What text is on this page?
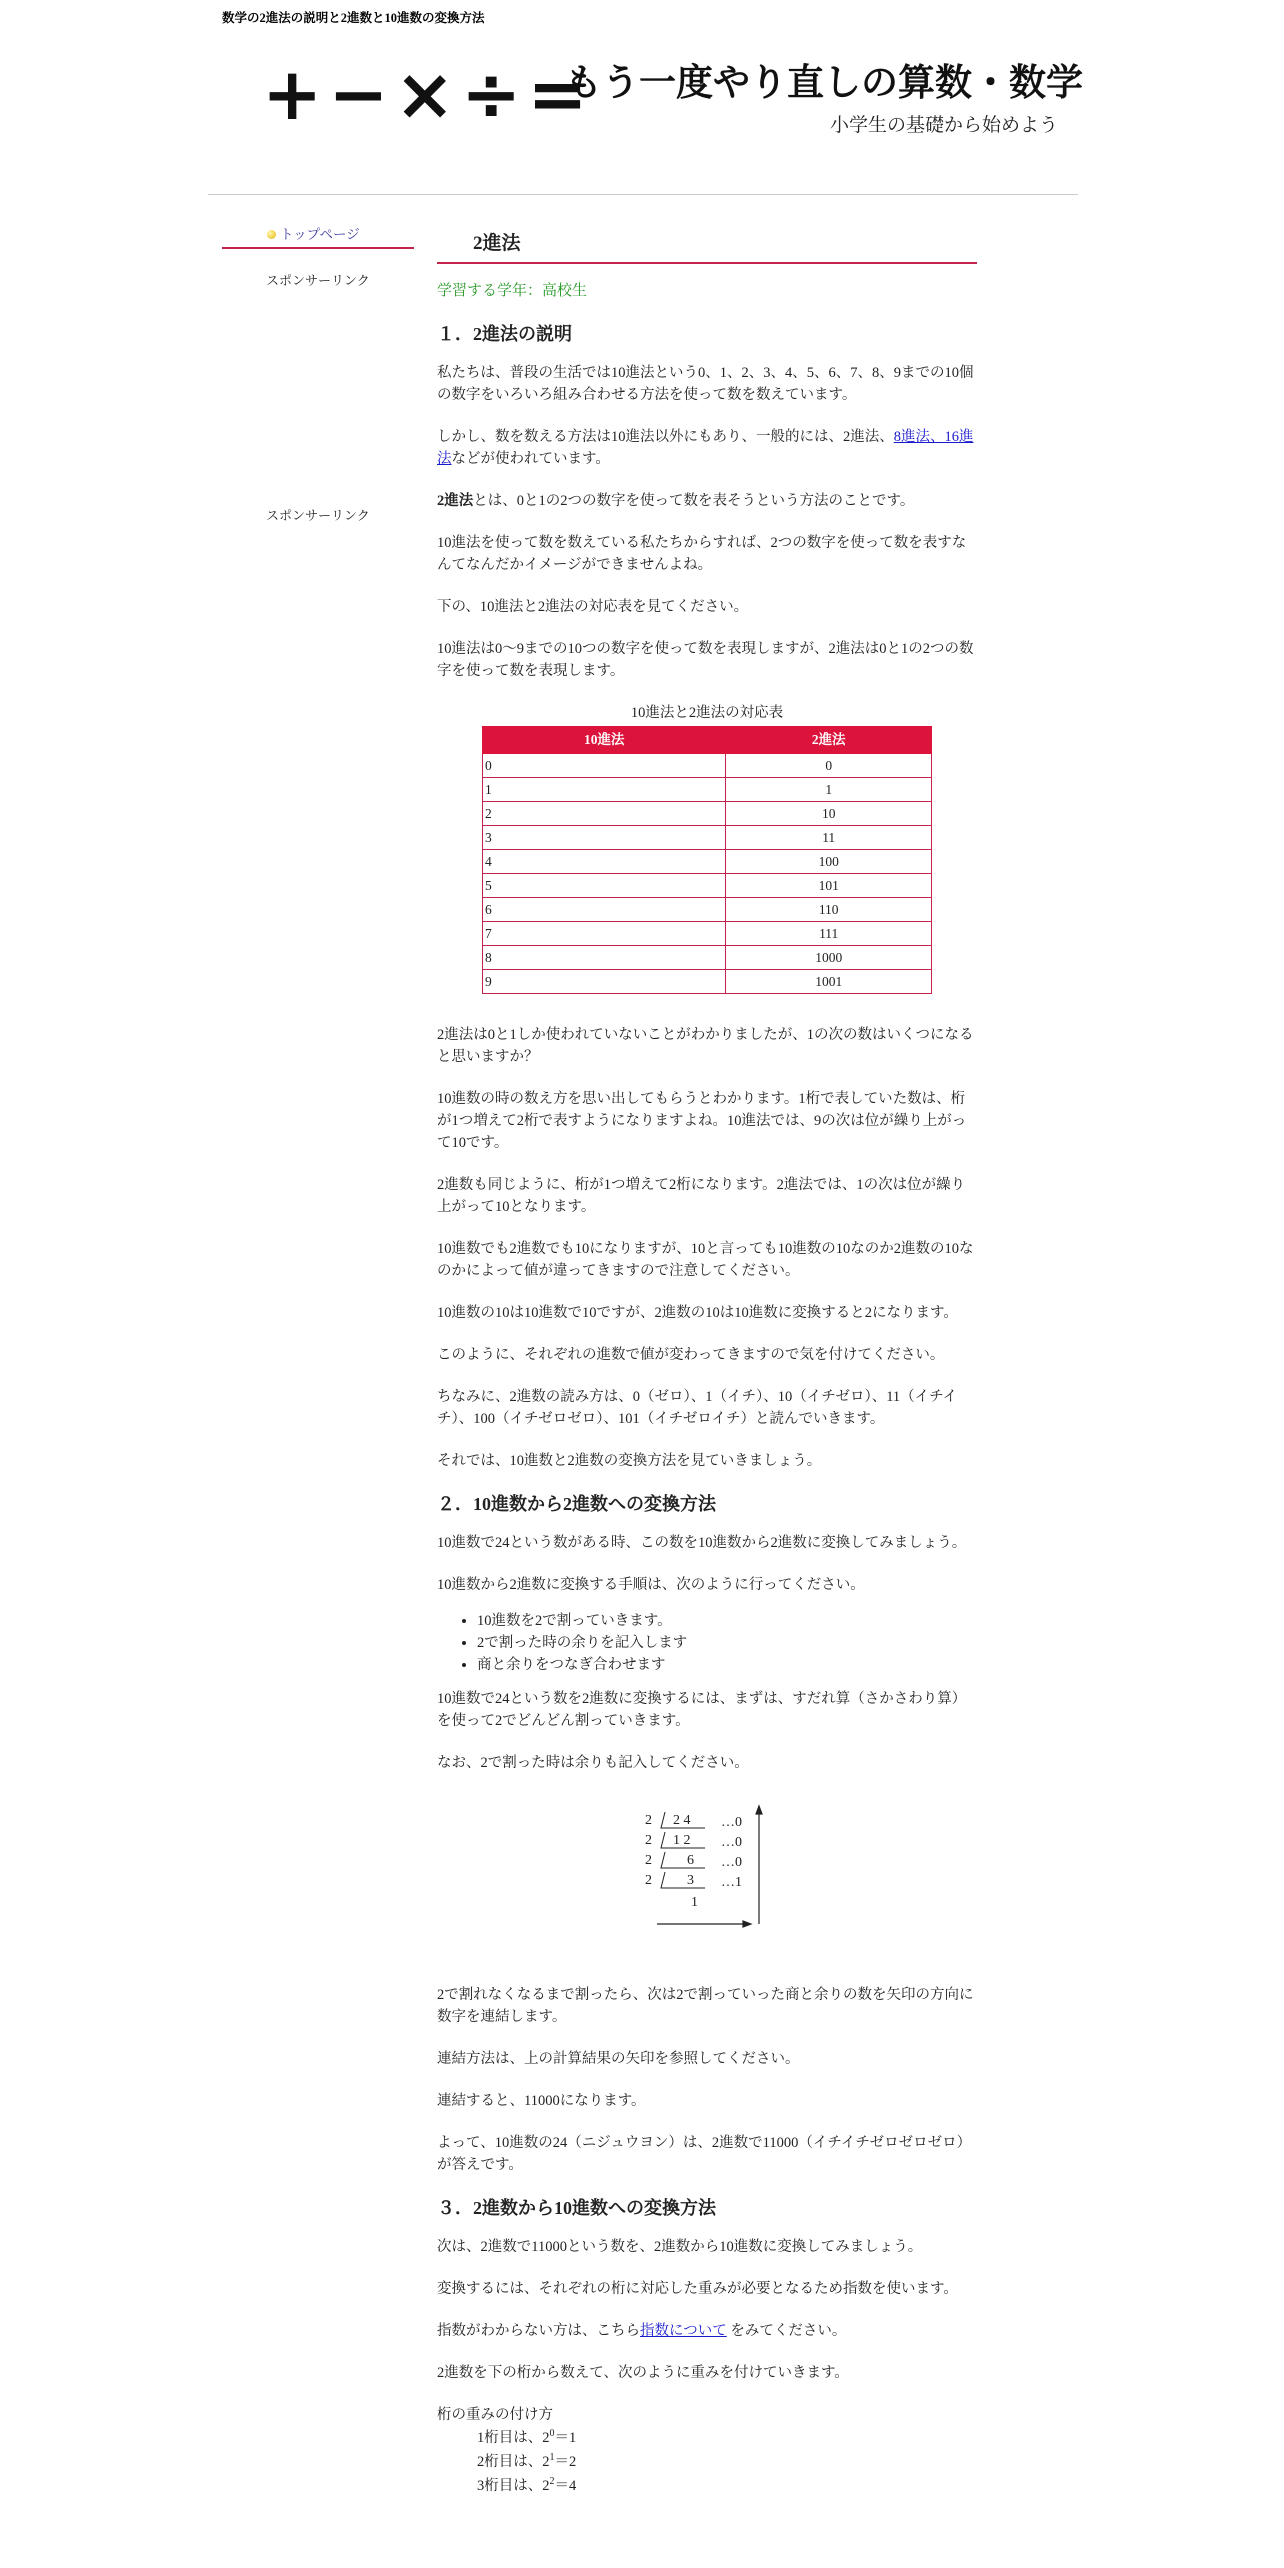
数学の2進法の説明と2進数と10進数の変換方法
+−×÷=
もう一度やり直しの算数・数学
小学生の基礎から始めよう
トップページ
スポンサーリンク
スポンサーリンク
2進法
学習する学年：高校生
１．2進法の説明

私たちは、普段の生活では10進法という0、1、2、3、4、5、6、7、8、9までの10個の数字をいろいろ組み合わせる方法を使って数を数えています。

しかし、数を数える方法は10進法以外にもあり、一般的には、2進法、8進法、16進法などが使われています。

2進法とは、0と1の2つの数字を使って数を表そうという方法のことです。

10進法を使って数を数えている私たちからすれば、2つの数字を使って数を表すなんてなんだかイメージができませんよね。

下の、10進法と2進法の対応表を見てください。

10進法は0～9までの10つの数字を使って数を表現しますが、2進法は0と1の2つの数字を使って数を表現します。

10進法と2進法の対応表
10進法	2進法
0	0
1	1
2	10
3	11
4	100
5	101
6	110
7	111
8	1000
9	1001

2進法は0と1しか使われていないことがわかりましたが、1の次の数はいくつになると思いますか？

10進数の時の数え方を思い出してもらうとわかります。1桁で表していた数は、桁が1つ増えて2桁で表すようになりますよね。10進法では、9の次は位が繰り上がって10です。

2進数も同じように、桁が1つ増えて2桁になります。2進法では、1の次は位が繰り上がって10となります。

10進数でも2進数でも10になりますが、10と言っても10進数の10なのか2進数の10なのかによって値が違ってきますので注意してください。

10進数の10は10進数で10ですが、2進数の10は10進数に変換すると2になります。

このように、それぞれの進数で値が変わってきますので気を付けてください。

ちなみに、2進数の読み方は、0（ゼロ）、1（イチ）、10（イチゼロ）、11（イチイチ）、100（イチゼロゼロ）、101（イチゼロイチ）と読んでいきます。

それでは、10進数と2進数の変換方法を見ていきましょう。

２．10進数から2進数への変換方法

10進数で24という数がある時、この数を10進数から2進数に変換してみましょう。

10進数から2進数に変換する手順は、次のように行ってください。

• 10進数を2で割っていきます。
• 2で割った時の余りを記入します
• 商と余りをつなぎ合わせます

10進数で24という数を2進数に変換するには、まずは、すだれ算（さかさわり算）を使って2でどんどん割っていきます。

なお、2で割った時は余りも記入してください。

2
2
2
2
2 4
1 2
6
3
1
…0
…0
…0
…1

2で割れなくなるまで割ったら、次は2で割っていった商と余りの数を矢印の方向に数字を連結します。

連結方法は、上の計算結果の矢印を参照してください。

連結すると、11000になります。

よって、10進数の24（ニジュウヨン）は、2進数で11000（イチイチゼロゼロゼロ）が答えです。

３．2進数から10進数への変換方法

次は、2進数で11000という数を、2進数から10進数に変換してみましょう。

変換するには、それぞれの桁に対応した重みが必要となるため指数を使います。

指数がわからない方は、こちら指数について をみてください。

2進数を下の桁から数えて、次のように重みを付けていきます。

桁の重みの付け方
1桁目は、$2^0=1$
2桁目は、$2^1=2$
3桁目は、$2^2=4$
